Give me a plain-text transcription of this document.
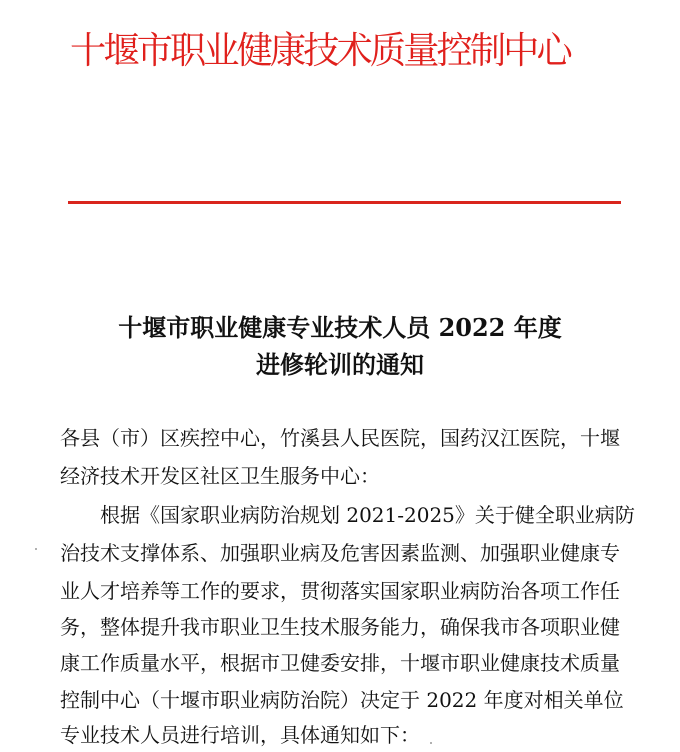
十堰市职业健康技术质量控制中心
十堰市职业健康专业技术人员 2022 年度
进修轮训的通知
各县（市）区疾控中心，竹溪县人民医院，国药汉江医院，十堰
经济技术开发区社区卫生服务中心：
根据《国家职业病防治规划 2021-2025》关于健全职业病防
治技术支撑体系、加强职业病及危害因素监测、加强职业健康专
业人才培养等工作的要求，贯彻落实国家职业病防治各项工作任
务，整体提升我市职业卫生技术服务能力，确保我市各项职业健
康工作质量水平，根据市卫健委安排，十堰市职业健康技术质量
控制中心（十堰市职业病防治院）决定于 2022 年度对相关单位
专业技术人员进行培训，具体通知如下：
